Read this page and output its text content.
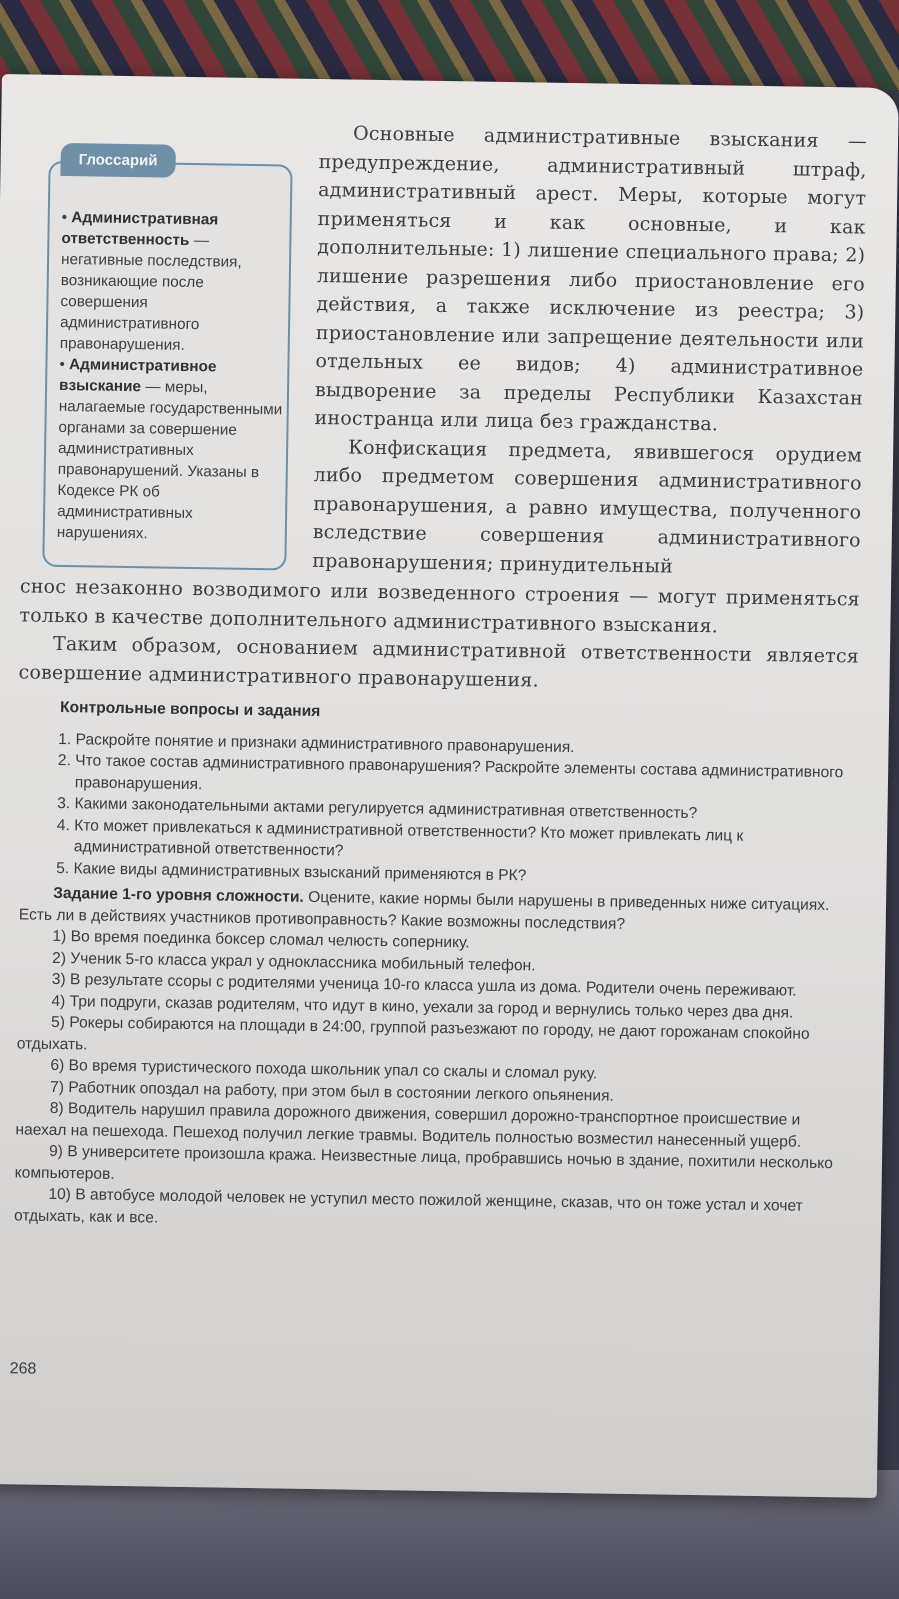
Глоссарий
• Административная ответственность — негативные последствия, возникающие после совершения административного правонарушения.
• Административное взыскание — меры, налагаемые государственными органами за совершение административных правонарушений. Указаны в Кодексе РК об административных нарушениях.

Основные административные взыскания — предупреждение, административный штраф, административный арест. Меры, которые могут применяться и как основные, и как дополнительные: 1) лишение специального права; 2) лишение разрешения либо приостановление его действия, а также исключение из реестра; 3) приостановление или запрещение деятельности или отдельных ее видов; 4) административное выдворение за пределы Республики Казахстан иностранца или лица без гражданства.

Конфискация предмета, явившегося орудием либо предметом совершения административного правонарушения, а равно имущества, полученного вследствие совершения административного правонарушения; принудительный

снос незаконно возводимого или возведенного строения — могут применяться только в качестве дополнительного административного взыскания.

Таким образом, основанием административной ответственности является совершение административного правонарушения.

Контрольные вопросы и задания
1. Раскройте понятие и признаки административного правонарушения.
2. Что такое состав административного правонарушения? Раскройте элементы состава административного правонарушения.
3. Какими законодательными актами регулируется административная ответственность?
4. Кто может привлекаться к административной ответственности? Кто может привлекать лиц к административной ответственности?
5. Какие виды административных взысканий применяются в РК?

Задание 1-го уровня сложности. Оцените, какие нормы были нарушены в приведенных ниже ситуациях. Есть ли в действиях участников противоправность? Какие возможны последствия?

1) Во время поединка боксер сломал челюсть сопернику.

2) Ученик 5-го класса украл у одноклассника мобильный телефон.

3) В результате ссоры с родителями ученица 10-го класса ушла из дома. Родители очень переживают.

4) Три подруги, сказав родителям, что идут в кино, уехали за город и вернулись только через два дня.

5) Рокеры собираются на площади в 24:00, группой разъезжают по городу, не дают горожанам спокойно отдыхать.

6) Во время туристического похода школьник упал со скалы и сломал руку.

7) Работник опоздал на работу, при этом был в состоянии легкого опьянения.

8) Водитель нарушил правила дорожного движения, совершил дорожно-транспортное происшествие и наехал на пешехода. Пешеход получил легкие травмы. Водитель полностью возместил нанесенный ущерб.

9) В университете произошла кража. Неизвестные лица, пробравшись ночью в здание, похитили несколько компьютеров.

10) В автобусе молодой человек не уступил место пожилой женщине, сказав, что он тоже устал и хочет отдыхать, как и все.

268
